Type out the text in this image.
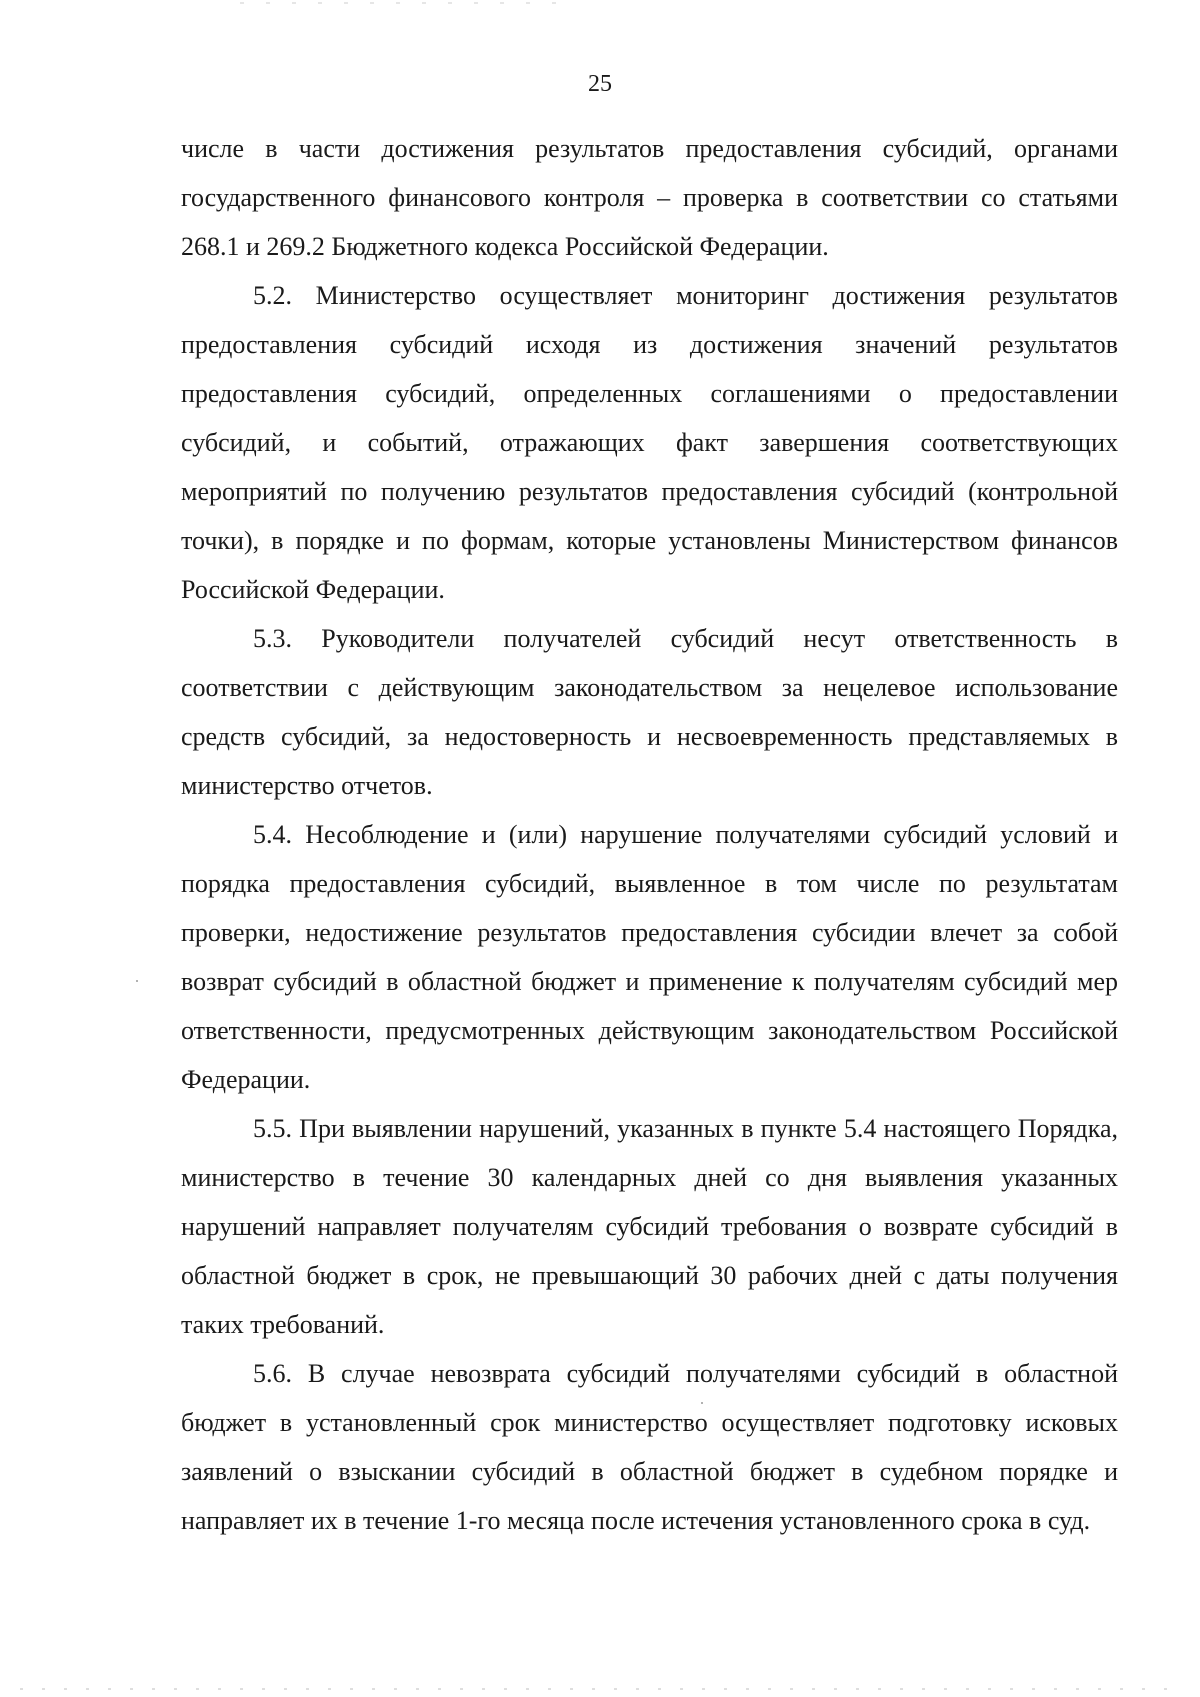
25

числе в части достижения результатов предоставления субсидий, органами государственного финансового контроля – проверка в соответствии со статьями 268.1 и 269.2 Бюджетного кодекса Российской Федерации.

5.2. Министерство осуществляет мониторинг достижения результатов предоставления субсидий исходя из достижения значений результатов предоставления субсидий, определенных соглашениями о предоставлении субсидий, и событий, отражающих факт завершения соответствующих мероприятий по получению результатов предоставления субсидий (контрольной точки), в порядке и по формам, которые установлены Министерством финансов Российской Федерации.

5.3. Руководители получателей субсидий несут ответственность в соответствии с действующим законодательством за нецелевое использование средств субсидий, за недостоверность и несвоевременность представляемых в министерство отчетов.

5.4. Несоблюдение и (или) нарушение получателями субсидий условий и порядка предоставления субсидий, выявленное в том числе по результатам проверки, недостижение результатов предоставления субсидии влечет за собой возврат субсидий в областной бюджет и применение к получателям субсидий мер ответственности, предусмотренных действующим законодательством Российской Федерации.

5.5. При выявлении нарушений, указанных в пункте 5.4 настоящего Порядка, министерство в течение 30 календарных дней со дня выявления указанных нарушений направляет получателям субсидий требования о возврате субсидий в областной бюджет в срок, не превышающий 30 рабочих дней с даты получения таких требований.

5.6. В случае невозврата субсидий получателями субсидий в областной бюджет в установленный срок министерство осуществляет подготовку исковых заявлений о взыскании субсидий в областной бюджет в судебном порядке и направляет их в течение 1-го месяца после истечения установленного срока в суд.
